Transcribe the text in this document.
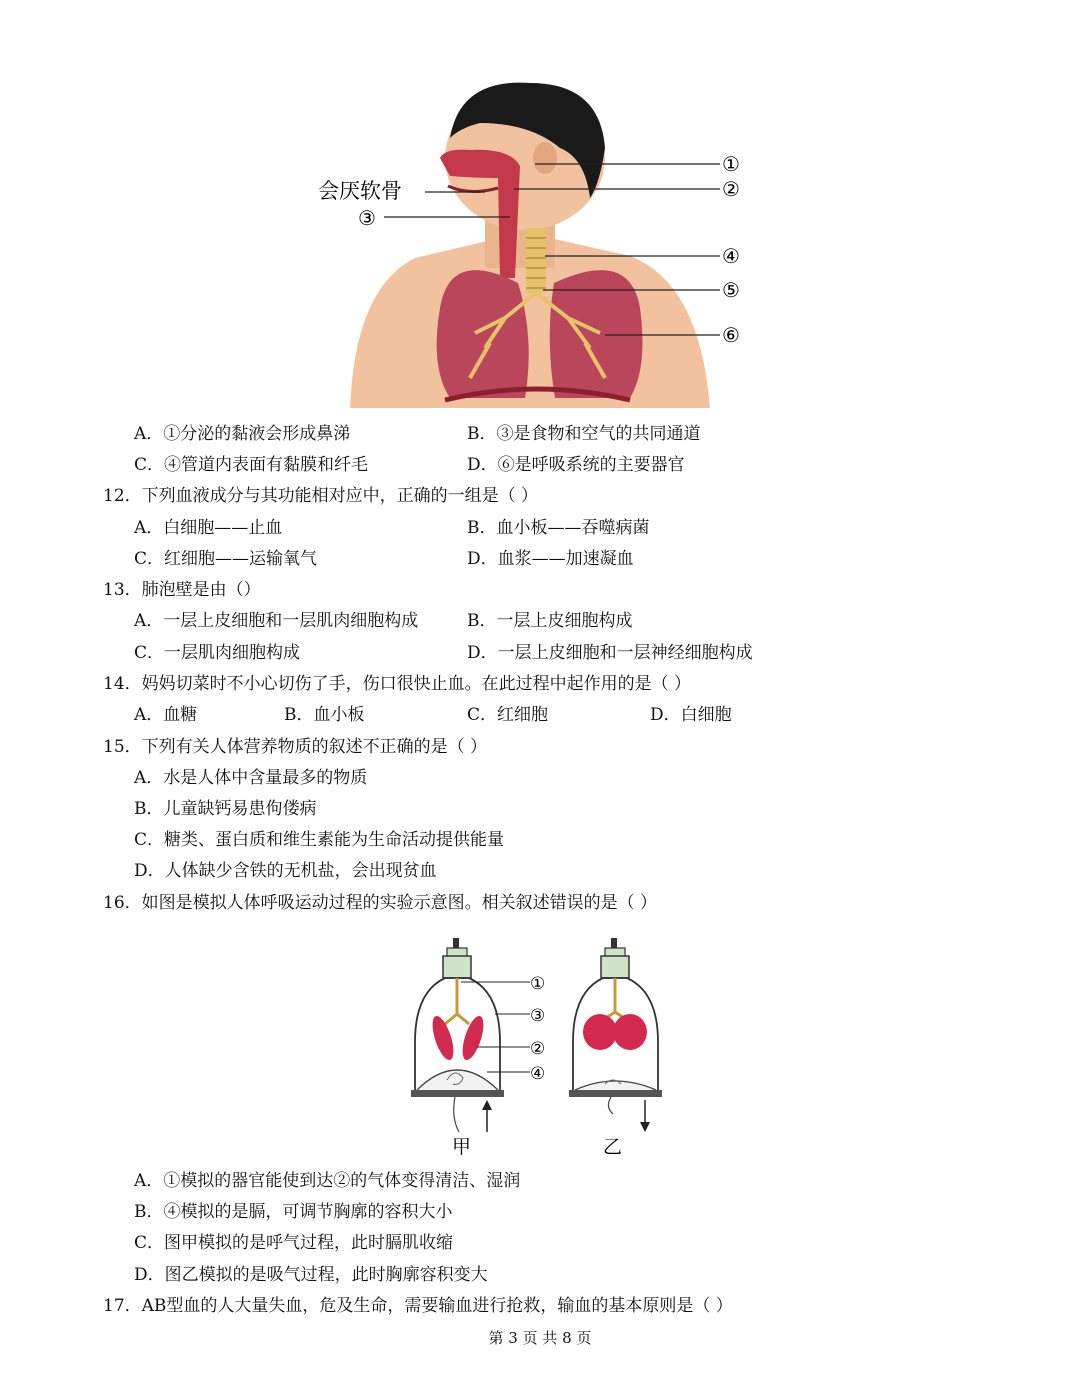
①
②
③
④
⑤
⑥
会厌软骨
A．①分泌的黏液会形成鼻涕	B．③是食物和空气的共同通道
C．④管道内表面有黏膜和纤毛	D．⑥是呼吸系统的主要器官
12．下列血液成分与其功能相对应中，正确的一组是（ ）
A．白细胞——止血	B．血小板——吞噬病菌
C．红细胞——运输氧气	D．血浆——加速凝血
13．肺泡壁是由（）
A．一层上皮细胞和一层肌肉细胞构成	B．一层上皮细胞构成
C．一层肌肉细胞构成	D．一层上皮细胞和一层神经细胞构成
14．妈妈切菜时不小心切伤了手，伤口很快止血。在此过程中起作用的是（ ）
A．血糖	B．血小板	C．红细胞	D．白细胞
15．下列有关人体营养物质的叙述不正确的是（ ）
A．水是人体中含量最多的物质
B．儿童缺钙易患佝偻病
C．糖类、蛋白质和维生素能为生命活动提供能量
D．人体缺少含铁的无机盐，会出现贫血
16．如图是模拟人体呼吸运动过程的实验示意图。相关叙述错误的是（ ）
①
③
②
④
甲	乙
A．①模拟的器官能使到达②的气体变得清洁、湿润
B．④模拟的是膈，可调节胸廓的容积大小
C．图甲模拟的是呼气过程，此时膈肌收缩
D．图乙模拟的是吸气过程，此时胸廓容积变大
17．AB型血的人大量失血，危及生命，需要输血进行抢救，输血的基本原则是（ ）
第 3 页 共 8 页
